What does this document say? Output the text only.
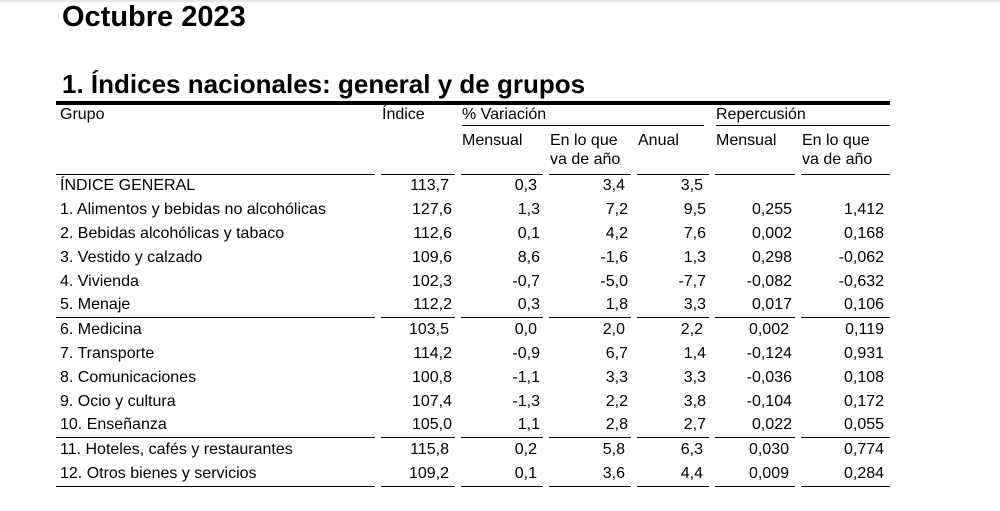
Octubre 2023
1. Índices nacionales: general y de grupos
Grupo	Índice	% Variación			Repercusión	

		Mensual	En lo que
va de año	Anual	Mensual	En lo que
va de año
ÍNDICE GENERAL	113,7	0,3	3,4	3,5		
1. Alimentos y bebidas no alcohólicas	127,6	1,3	7,2	9,5	0,255	1,412
2. Bebidas alcohólicas y tabaco	112,6	0,1	4,2	7,6	0,002	0,168
3. Vestido y calzado	109,6	8,6	-1,6	1,3	0,298	-0,062
4. Vivienda	102,3	-0,7	-5,0	-7,7	-0,082	-0,632
5. Menaje	112,2	0,3	1,8	3,3	0,017	0,106
6. Medicina	103,5	0,0	2,0	2,2	0,002	0,119
7. Transporte	114,2	-0,9	6,7	1,4	-0,124	0,931
8. Comunicaciones	100,8	-1,1	3,3	3,3	-0,036	0,108
9. Ocio y cultura	107,4	-1,3	2,2	3,8	-0,104	0,172
10. Enseñanza	105,0	1,1	2,8	2,7	0,022	0,055
11. Hoteles, cafés y restaurantes	115,8	0,2	5,8	6,3	0,030	0,774
12. Otros bienes y servicios	109,2	0,1	3,6	4,4	0,009	0,284
